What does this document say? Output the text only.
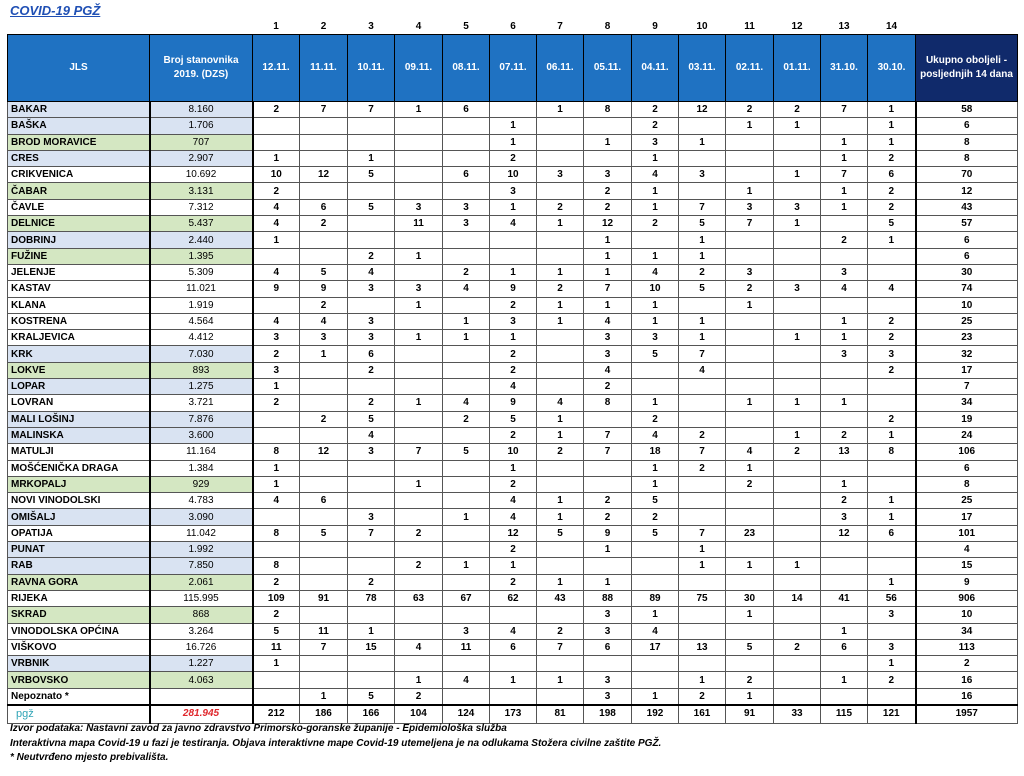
COVID-19 PGŽ
		1	2	3	4	5	6	7	8	9	10	11	12	13	14	
JLS	Broj stanovnika 2019. (DZS)	12.11.	11.11.	10.11.	09.11.	08.11.	07.11.	06.11.	05.11.	04.11.	03.11.	02.11.	01.11.	31.10.	30.10.	Ukupno oboljeli - posljednjih 14 dana
BAKAR	8.160	2	7	7	1	6		1	8	2	12	2	2	7	1	58
BAŠKA	1.706						1			2		1	1		1	6
BROD MORAVICE	707						1		1	3	1			1	1	8
CRES	2.907	1		1			2			1				1	2	8
CRIKVENICA	10.692	10	12	5		6	10	3	3	4	3		1	7	6	70
ČABAR	3.131	2					3		2	1		1		1	2	12
ČAVLE	7.312	4	6	5	3	3	1	2	2	1	7	3	3	1	2	43
DELNICE	5.437	4	2		11	3	4	1	12	2	5	7	1		5	57
DOBRINJ	2.440	1							1		1			2	1	6
FUŽINE	1.395			2	1				1	1	1					6
JELENJE	5.309	4	5	4		2	1	1	1	4	2	3		3		30
KASTAV	11.021	9	9	3	3	4	9	2	7	10	5	2	3	4	4	74
KLANA	1.919		2		1		2	1	1	1		1				10
KOSTRENA	4.564	4	4	3		1	3	1	4	1	1			1	2	25
KRALJEVICA	4.412	3	3	3	1	1	1		3	3	1		1	1	2	23
KRK	7.030	2	1	6			2		3	5	7			3	3	32
LOKVE	893	3		2			2		4		4				2	17
LOPAR	1.275	1					4		2							7
LOVRAN	3.721	2		2	1	4	9	4	8	1		1	1	1		34
MALI LOŠINJ	7.876		2	5		2	5	1		2					2	19
MALINSKA	3.600			4			2	1	7	4	2		1	2	1	24
MATULJI	11.164	8	12	3	7	5	10	2	7	18	7	4	2	13	8	106
MOŠĆENIČKA DRAGA	1.384	1					1			1	2	1				6
MRKOPALJ	929	1			1		2			1		2		1		8
NOVI VINODOLSKI	4.783	4	6				4	1	2	5				2	1	25
OMIŠALJ	3.090			3		1	4	1	2	2				3	1	17
OPATIJA	11.042	8	5	7	2		12	5	9	5	7	23		12	6	101
PUNAT	1.992						2		1		1					4
RAB	7.850	8			2	1	1				1	1	1			15
RAVNA GORA	2.061	2		2			2	1	1						1	9
RIJEKA	115.995	109	91	78	63	67	62	43	88	89	75	30	14	41	56	906
SKRAD	868	2							3	1		1			3	10
VINODOLSKA OPĆINA	3.264	5	11	1		3	4	2	3	4				1		34
VIŠKOVO	16.726	11	7	15	4	11	6	7	6	17	13	5	2	6	3	113
VRBNIK	1.227	1													1	2
VRBOVSKO	4.063				1	4	1	1	3		1	2		1	2	16
Nepoznato *			1	5	2				3	1	2	1				16
pgž	281.945	212	186	166	104	124	173	81	198	192	161	91	33	115	121	1957
Izvor podataka: Nastavni zavod za javno zdravstvo Primorsko-goranske županije - Epidemiološka služba
Interaktivna mapa Covid-19 u fazi je testiranja. Objava interaktivne mape Covid-19 utemeljena je na odlukama Stožera civilne zaštite PGŽ.
* Neutvrđeno mjesto prebivališta.
